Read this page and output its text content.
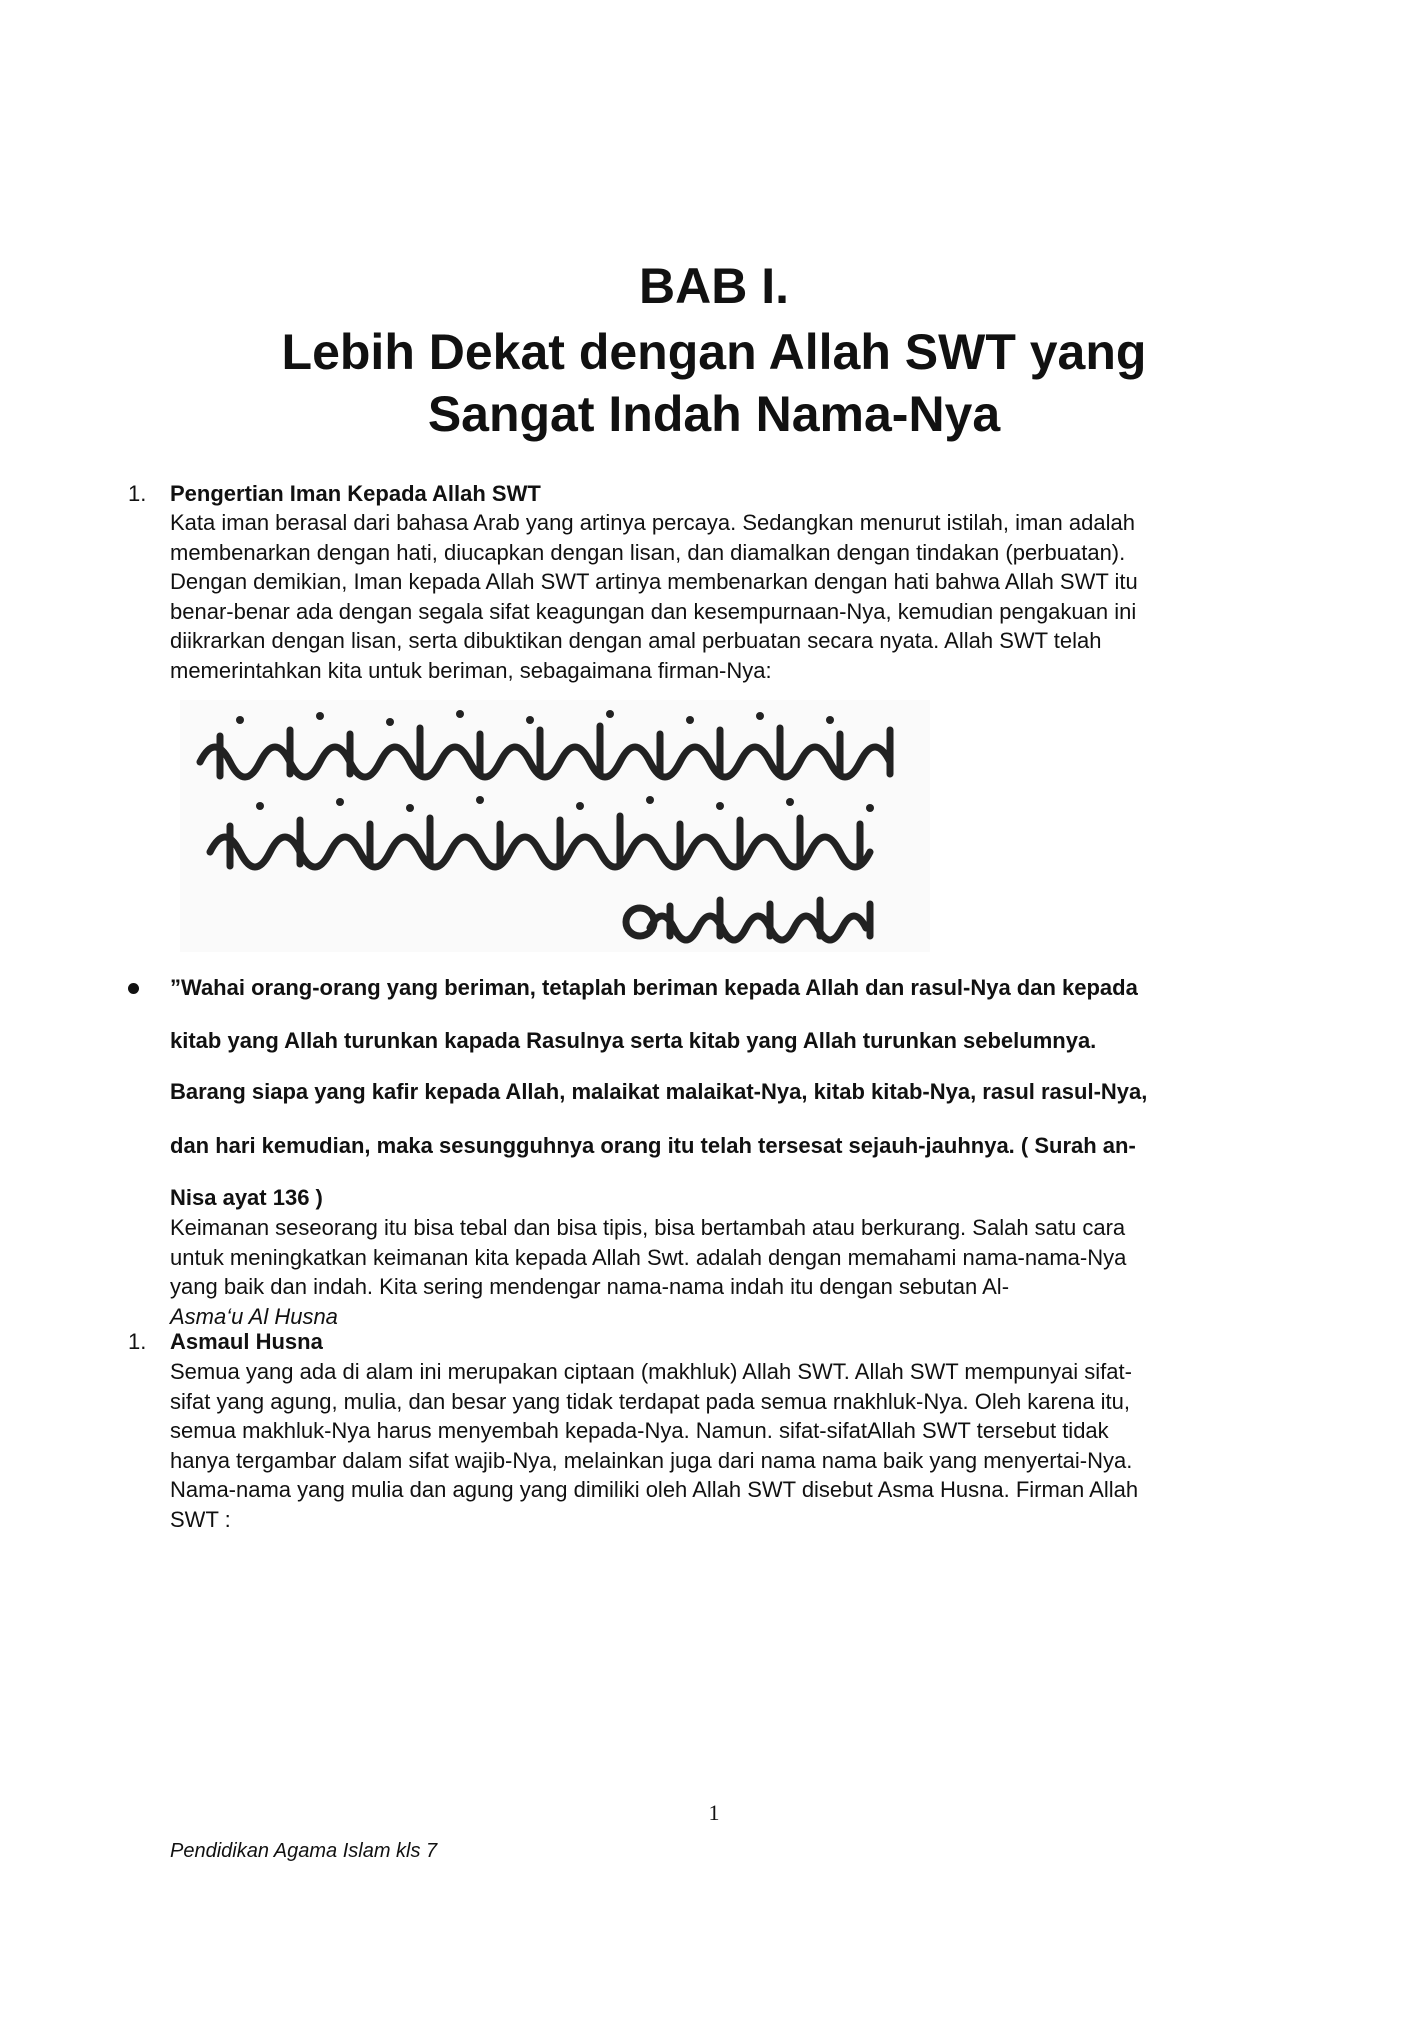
BAB I.
Lebih Dekat dengan Allah SWT yang
Sangat Indah Nama-Nya
1. Pengertian Iman Kepada Allah SWT
Kata iman berasal dari bahasa Arab yang artinya percaya. Sedangkan menurut istilah, iman adalah
membenarkan dengan hati, diucapkan dengan lisan, dan diamalkan dengan tindakan (perbuatan).
Dengan demikian, Iman kepada Allah SWT artinya membenarkan dengan hati bahwa Allah SWT itu
benar-benar ada dengan segala sifat keagungan dan kesempurnaan-Nya, kemudian pengakuan ini
diikrarkan dengan lisan, serta dibuktikan dengan amal perbuatan secara nyata. Allah SWT telah
memerintahkan kita untuk beriman, sebagaimana firman-Nya:
”Wahai orang-orang yang beriman, tetaplah beriman kepada Allah dan rasul-Nya dan kepada
kitab yang Allah turunkan kapada Rasulnya serta kitab yang Allah turunkan sebelumnya.
Barang siapa yang kafir kepada Allah, malaikat malaikat-Nya, kitab kitab-Nya, rasul rasul-Nya,
dan hari kemudian, maka sesungguhnya orang itu telah tersesat sejauh-jauhnya. ( Surah an-
Nisa ayat 136 )
Keimanan seseorang itu bisa tebal dan bisa tipis, bisa bertambah atau berkurang. Salah satu cara
untuk meningkatkan keimanan kita kepada Allah Swt. adalah dengan memahami nama-nama-Nya
yang baik dan indah. Kita sering mendengar nama-nama indah itu dengan sebutan Al-
Asma‘u Al Husna
1. Asmaul Husna
Semua yang ada di alam ini merupakan ciptaan (makhluk) Allah SWT. Allah SWT mempunyai sifat-
sifat yang agung, mulia, dan besar yang tidak terdapat pada semua rnakhluk-Nya. Oleh karena itu,
semua makhluk-Nya harus menyembah kepada-Nya. Namun. sifat-sifatAllah SWT tersebut tidak
hanya tergambar dalam sifat wajib-Nya, melainkan juga dari nama nama baik yang menyertai-Nya.
Nama-nama yang mulia dan agung yang dimiliki oleh Allah SWT disebut Asma Husna. Firman Allah
SWT :
1
Pendidikan Agama Islam kls 7
